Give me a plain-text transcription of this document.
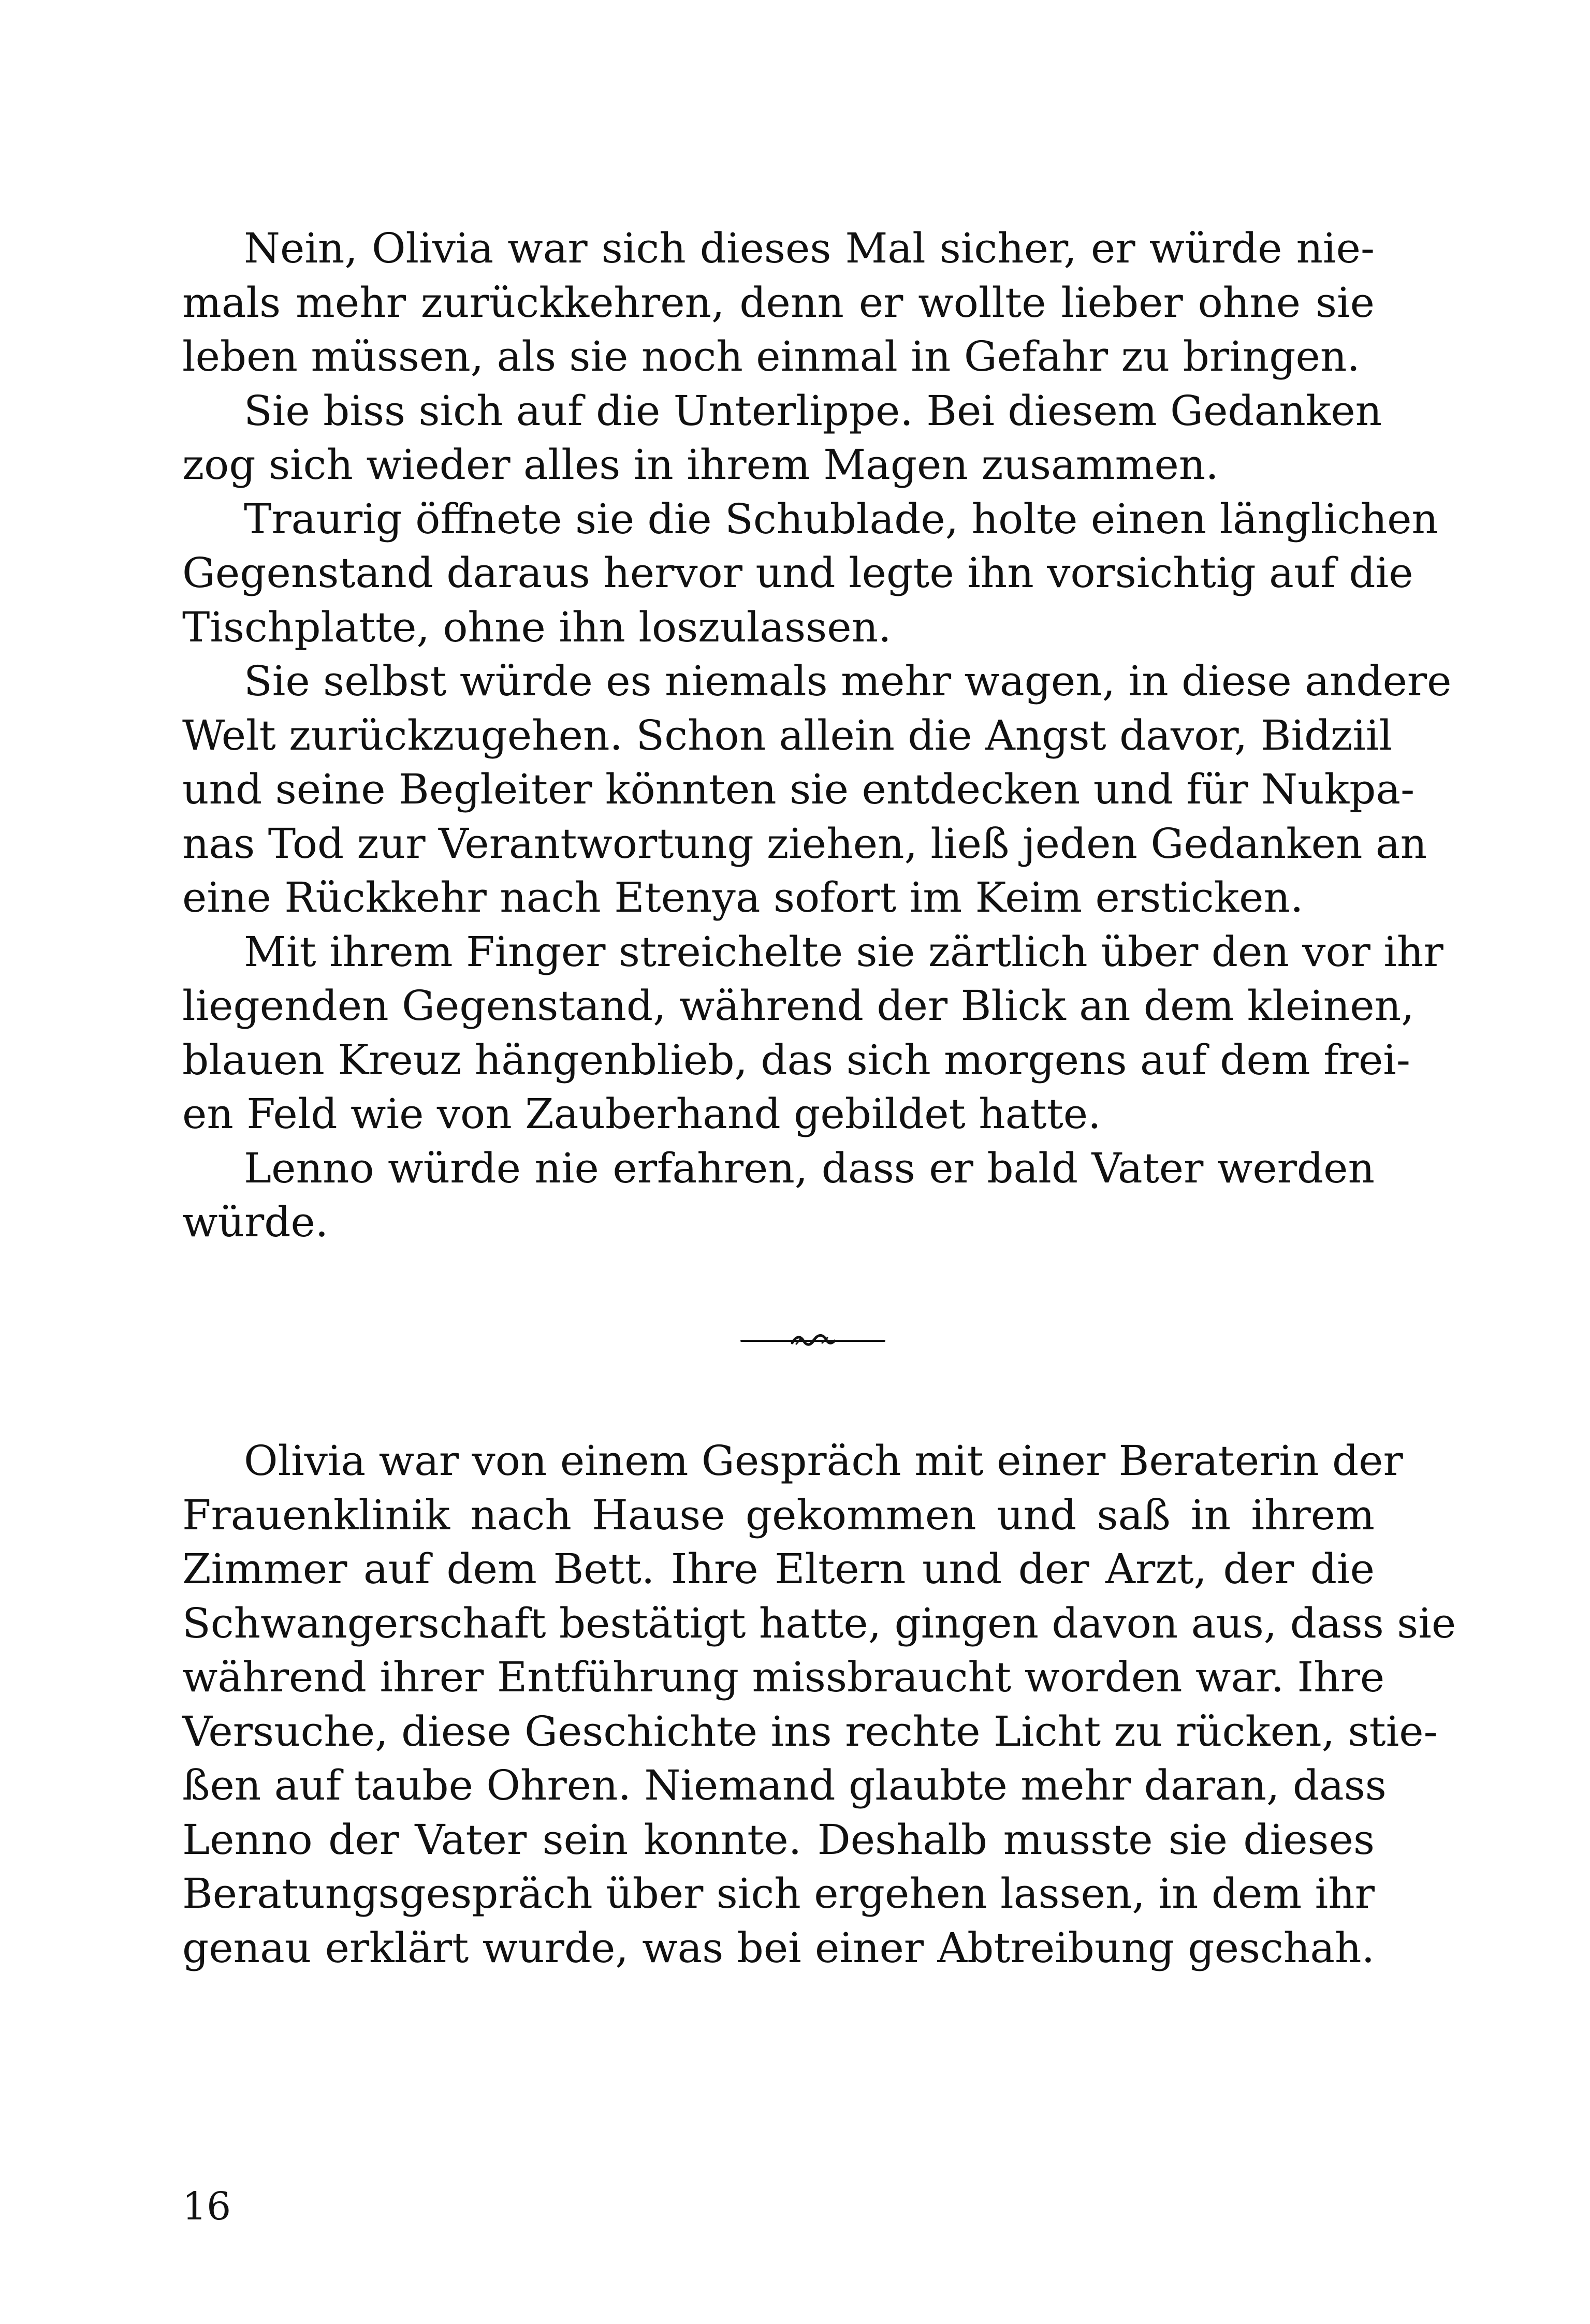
Nein, Olivia war sich dieses Mal sicher, er würde nie-
mals mehr zurückkehren, denn er wollte lieber ohne sie
leben müssen, als sie noch einmal in Gefahr zu bringen.
Sie biss sich auf die Unterlippe. Bei diesem Gedanken
zog sich wieder alles in ihrem Magen zusammen.
Traurig öffnete sie die Schublade, holte einen länglichen
Gegenstand daraus hervor und legte ihn vorsichtig auf die
Tischplatte, ohne ihn loszulassen.
Sie selbst würde es niemals mehr wagen, in diese andere
Welt zurückzugehen. Schon allein die Angst davor, Bidziil
und seine Begleiter könnten sie entdecken und für Nukpa-
nas Tod zur Verantwortung ziehen, ließ jeden Gedanken an
eine Rückkehr nach Etenya sofort im Keim ersticken.
Mit ihrem Finger streichelte sie zärtlich über den vor ihr
liegenden Gegenstand, während der Blick an dem kleinen,
blauen Kreuz hängenblieb, das sich morgens auf dem frei-
en Feld wie von Zauberhand gebildet hatte.
Lenno würde nie erfahren, dass er bald Vater werden
würde.
Olivia war von einem Gespräch mit einer Beraterin der
Frauenklinik nach Hause gekommen und saß in ihrem
Zimmer auf dem Bett. Ihre Eltern und der Arzt, der die
Schwangerschaft bestätigt hatte, gingen davon aus, dass sie
während ihrer Entführung missbraucht worden war. Ihre
Versuche, diese Geschichte ins rechte Licht zu rücken, stie-
ßen auf taube Ohren. Niemand glaubte mehr daran, dass
Lenno der Vater sein konnte. Deshalb musste sie dieses
Beratungsgespräch über sich ergehen lassen, in dem ihr
genau erklärt wurde, was bei einer Abtreibung geschah.
16
